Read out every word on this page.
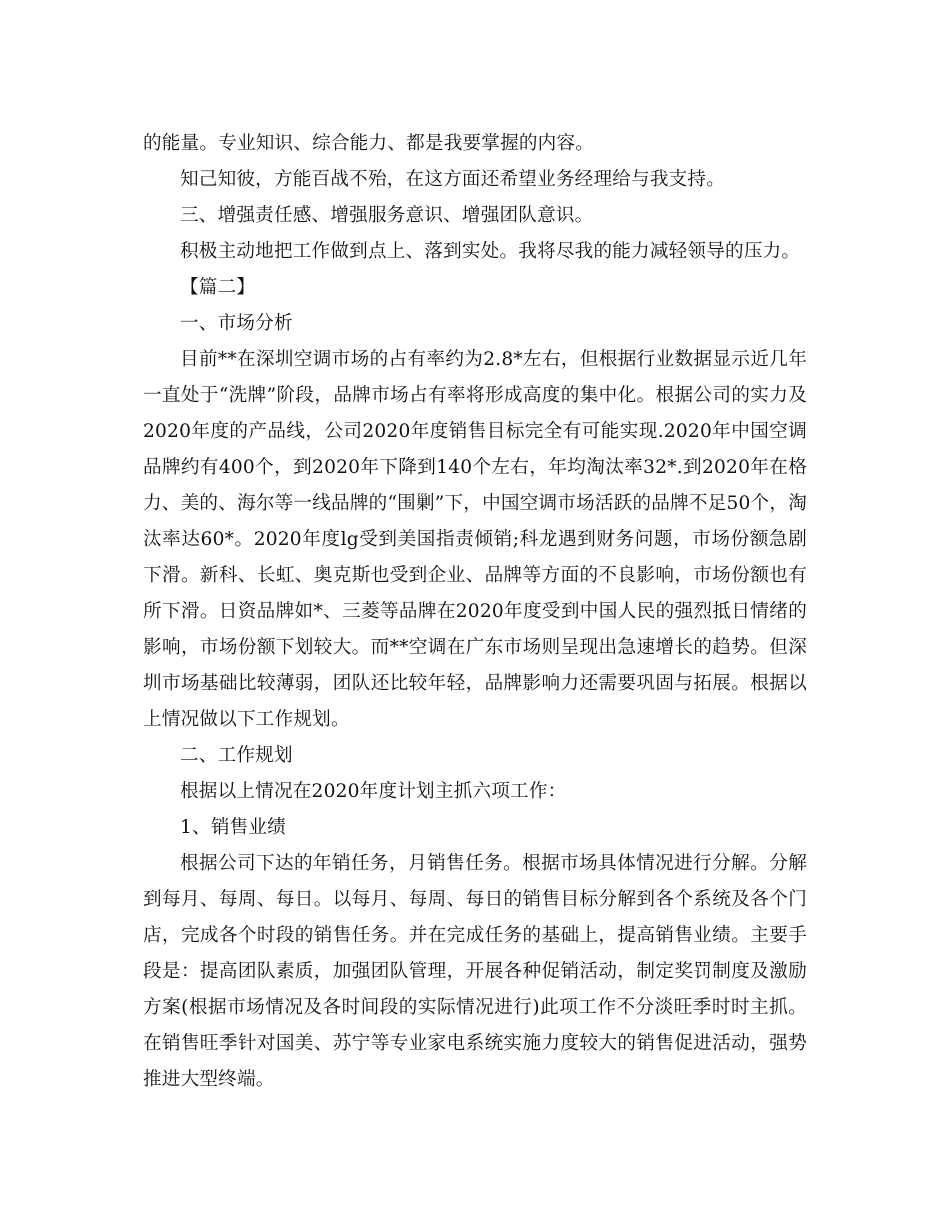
的能量。专业知识、综合能力、都是我要掌握的内容。

知己知彼，方能百战不殆，在这方面还希望业务经理给与我支持。

三、增强责任感、增强服务意识、增强团队意识。

积极主动地把工作做到点上、落到实处。我将尽我的能力减轻领导的压力。

【篇二】

一、市场分析

目前**在深圳空调市场的占有率约为2.8*左右，但根据行业数据显示近几年一直处于“洗牌”阶段，品牌市场占有率将形成高度的集中化。根据公司的实力及2020年度的产品线，公司2020年度销售目标完全有可能实现.2020年中国空调品牌约有400个，到2020年下降到140个左右，年均淘汰率32*.到2020年在格力、美的、海尔等一线品牌的“围剿”下，中国空调市场活跃的品牌不足50个，淘汰率达60*。2020年度lg受到美国指责倾销;科龙遇到财务问题，市场份额急剧下滑。新科、长虹、奥克斯也受到企业、品牌等方面的不良影响，市场份额也有所下滑。日资品牌如*、三菱等品牌在2020年度受到中国人民的强烈抵日情绪的影响，市场份额下划较大。而**空调在广东市场则呈现出急速增长的趋势。但深圳市场基础比较薄弱，团队还比较年轻，品牌影响力还需要巩固与拓展。根据以上情况做以下工作规划。

二、工作规划

根据以上情况在2020年度计划主抓六项工作：

1、销售业绩

根据公司下达的年销任务，月销售任务。根据市场具体情况进行分解。分解到每月、每周、每日。以每月、每周、每日的销售目标分解到各个系统及各个门店，完成各个时段的销售任务。并在完成任务的基础上，提高销售业绩。主要手段是：提高团队素质，加强团队管理，开展各种促销活动，制定奖罚制度及激励方案(根据市场情况及各时间段的实际情况进行)此项工作不分淡旺季时时主抓。在销售旺季针对国美、苏宁等专业家电系统实施力度较大的销售促进活动，强势推进大型终端。
